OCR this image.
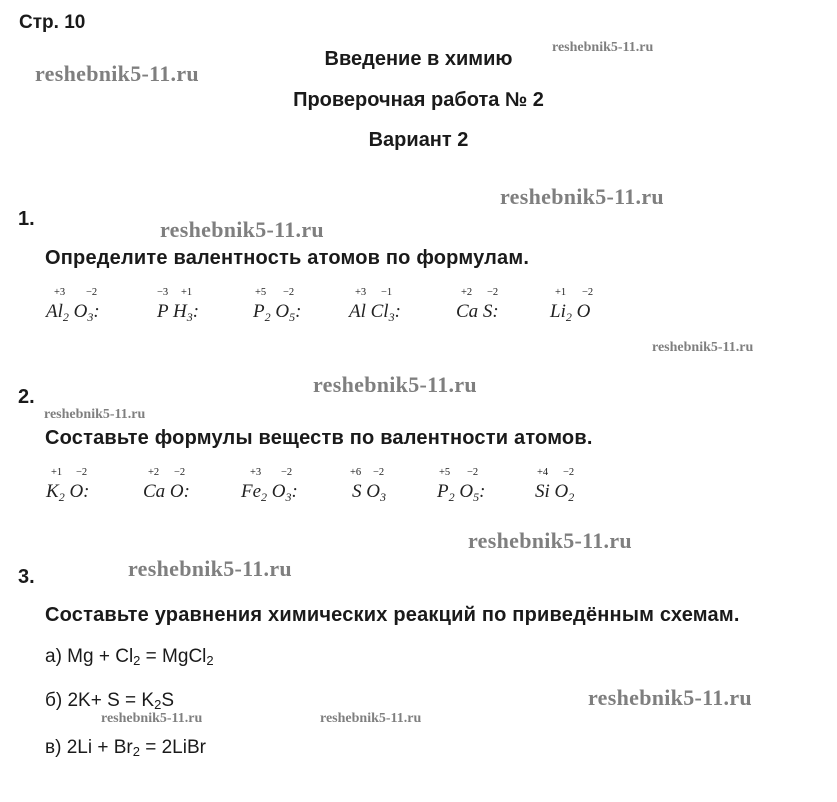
Стр. 10
Введение в химию
Проверочная работа № 2
Вариант 2
reshebnik5-11.ru
reshebnik5-11.ru
reshebnik5-11.ru
reshebnik5-11.ru
reshebnik5-11.ru
reshebnik5-11.ru
reshebnik5-11.ru
reshebnik5-11.ru
reshebnik5-11.ru
reshebnik5-11.ru
reshebnik5-11.ru	reshebnik5-11.ru
1.
Определите валентность атомов по формулам.
+3 −2
$Al_2$ $O_3$:
−3 +1
P $H_3$:
+5 −2
$P_2$ $O_5$:
+3 −1
Al $Cl_3$:
+2 −2
Ca S:
+1 −2
$Li_2$ O
2.
Составьте формулы веществ по валентности атомов.
+1 −2
$K_2$ O:
+2 −2
Ca O:
+3 −2
$Fe_2$ $O_3$:
+6 −2
S $O_3$
+5 −2
$P_2$ $O_5$:
+4 −2
Si $O_2$
3.
Составьте уравнения химических реакций по приведённым схемам.
а) $Mg + Cl_2$ = MgCl$_2$
б) $2K+ S = K_2S$
в) $2Li + Br_2$ = 2LiBr
